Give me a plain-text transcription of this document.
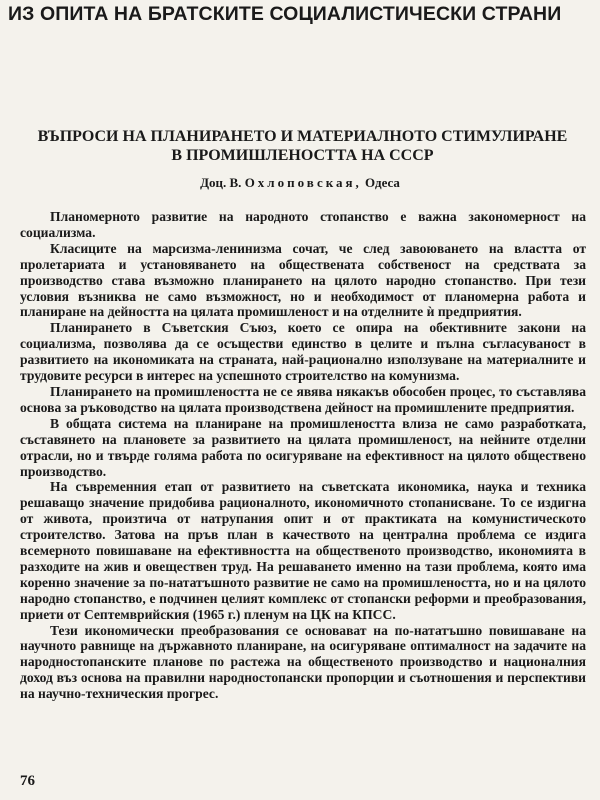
ИЗ ОПИТА НА БРАТСКИТЕ СОЦИАЛИСТИЧЕСКИ СТРАНИ
ВЪПРОСИ НА ПЛАНИРАНЕТО И МАТЕРИАЛНОТО СТИМУЛИРАНЕ
В ПРОМИШЛЕНОСТТА НА СССР
Доц. В. Охлоповская, Одеса

Планомерното развитие на народното стопанство е важна закономерност на социализма.

Класиците на марсизма-ленинизма сочат, че след завоюването на властта от пролетариата и установяването на обществената собственост на средствата за производство става възможно планирането на цялото народно стопанство. При тези условия възниква не само възможност, но и необходимост от планомерна работа и планиране на дейността на цялата промишленост и на отделните ѝ предприятия.

Планирането в Съветския Съюз, което се опира на обективните закони на социализма, позволява да се осъществи единство в целите и пълна съгласуваност в развитието на икономиката на страната, най-рационално използуване на материалните и трудовите ресурси в интерес на успешното строителство на комунизма.

Планирането на промишлеността не се явява някакъв обособен процес, то съставлява основа за ръководство на цялата производствена дейност на промишлените предприятия.

В общата система на планиране на промишлеността влиза не само разработката, съставянето на плановете за развитието на цялата промишленост, на нейните отделни отрасли, но и твърде голяма работа по осигуряване на ефективност на цялото обществено производство.

На съвременния етап от развитието на съветската икономика, наука и техника решаващо значение придобива рационалното, икономичното стопанисване. То се издигна от живота, произтича от натрупания опит и от практиката на комунистическото строителство. Затова на пръв план в качеството на централна проблема се издига всемерното повишаване на ефективността на общественото производство, икономията в разходите на жив и овеществен труд. На решаването именно на тази проблема, която има коренно значение за по-нататъшното развитие не само на промишлеността, но и на цялото народно стопанство, е подчинен целият комплекс от стопански реформи и преобразования, приети от Септемврийския (1965 г.) пленум на ЦК на КПСС.

Тези икономически преобразования се основават на по-нататъшно повишаване на научното равнище на държавното планиране, на осигуряване оптималност на задачите на народностопанските планове по растежа на общественото производство и националния доход въз основа на правилни народностопански пропорции и съотношения и перспективи на научно-техническия прогрес.

76
